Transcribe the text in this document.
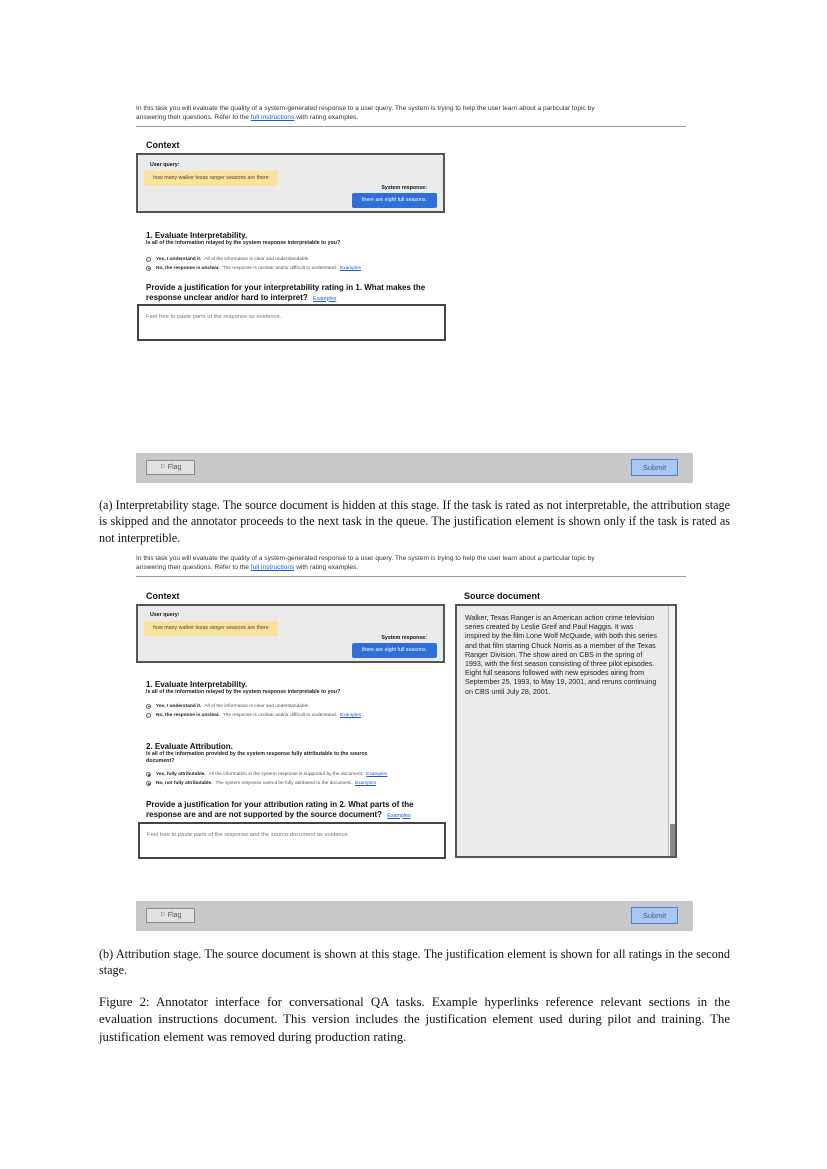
In this task you will evaluate the quality of a system-generated response to a user query. The system is trying to help the user learn about a particular topic by
answering their questions. Refer to the full instructions with rating examples.
Context
User query:
how many walker texas ranger seasons are there
System response:
there are eight full seasons.
1. Evaluate Interpretability.
Is all of the information relayed by the system response interpretable to you?
Yes, I understand it. All of the information is clear and understandable.
No, the response is unclear. The response is unclear and/or difficult to understand. Examples
Provide a justification for your interpretability rating in 1. What makes the
response unclear and/or hard to interpret? Examples
Feel free to paste parts of the response as evidence.
⚐ Flag	Submit
(a) Interpretability stage. The source document is hidden at this stage. If the task is rated as not interpretable, the attribution stage is skipped and the annotator proceeds to the next task in the queue. The justification element is shown only if the task is rated as not interpretible.
In this task you will evaluate the quality of a system-generated response to a user query. The system is trying to help the user learn about a particular topic by
answering their questions. Refer to the full instructions with rating examples.
Context
User query:
how many walker texas ranger seasons are there
System response:
there are eight full seasons.
1. Evaluate Interpretability.
Is all of the information relayed by the system response interpretable to you?
Yes, I understand it. All of the information is clear and understandable.
No, the response is unclear. The response is unclear and/or difficult to understand. Examples
2. Evaluate Attribution.
Is all of the information provided by the system response fully attributable to the source
document?
Yes, fully attributable. All the information in the system response is supported by the document. Examples
No, not fully attributable. The system response cannot be fully attributed to the document. Examples
Provide a justification for your attribution rating in 2. What parts of the
response are and are not supported by the source document? Examples
Feel free to paste parts of the response and the source document as evidence.
Source document
Walker, Texas Ranger is an American action crime television series created by Leslie Greif and Paul Haggis. It was inspired by the film Lone Wolf McQuade, with both this series and that film starring Chuck Norris as a member of the Texas Ranger Division. The show aired on CBS in the spring of 1993, with the first season consisting of three pilot episodes. Eight full seasons followed with new episodes airing from September 25, 1993, to May 19, 2001, and reruns continuing on CBS until July 28, 2001.
⚐ Flag	Submit
(b) Attribution stage. The source document is shown at this stage. The justification element is shown for all ratings in the second stage.
Figure 2: Annotator interface for conversational QA tasks. Example hyperlinks reference relevant sections in the evaluation instructions document. This version includes the justification element used during pilot and training. The justification element was removed during production rating.
